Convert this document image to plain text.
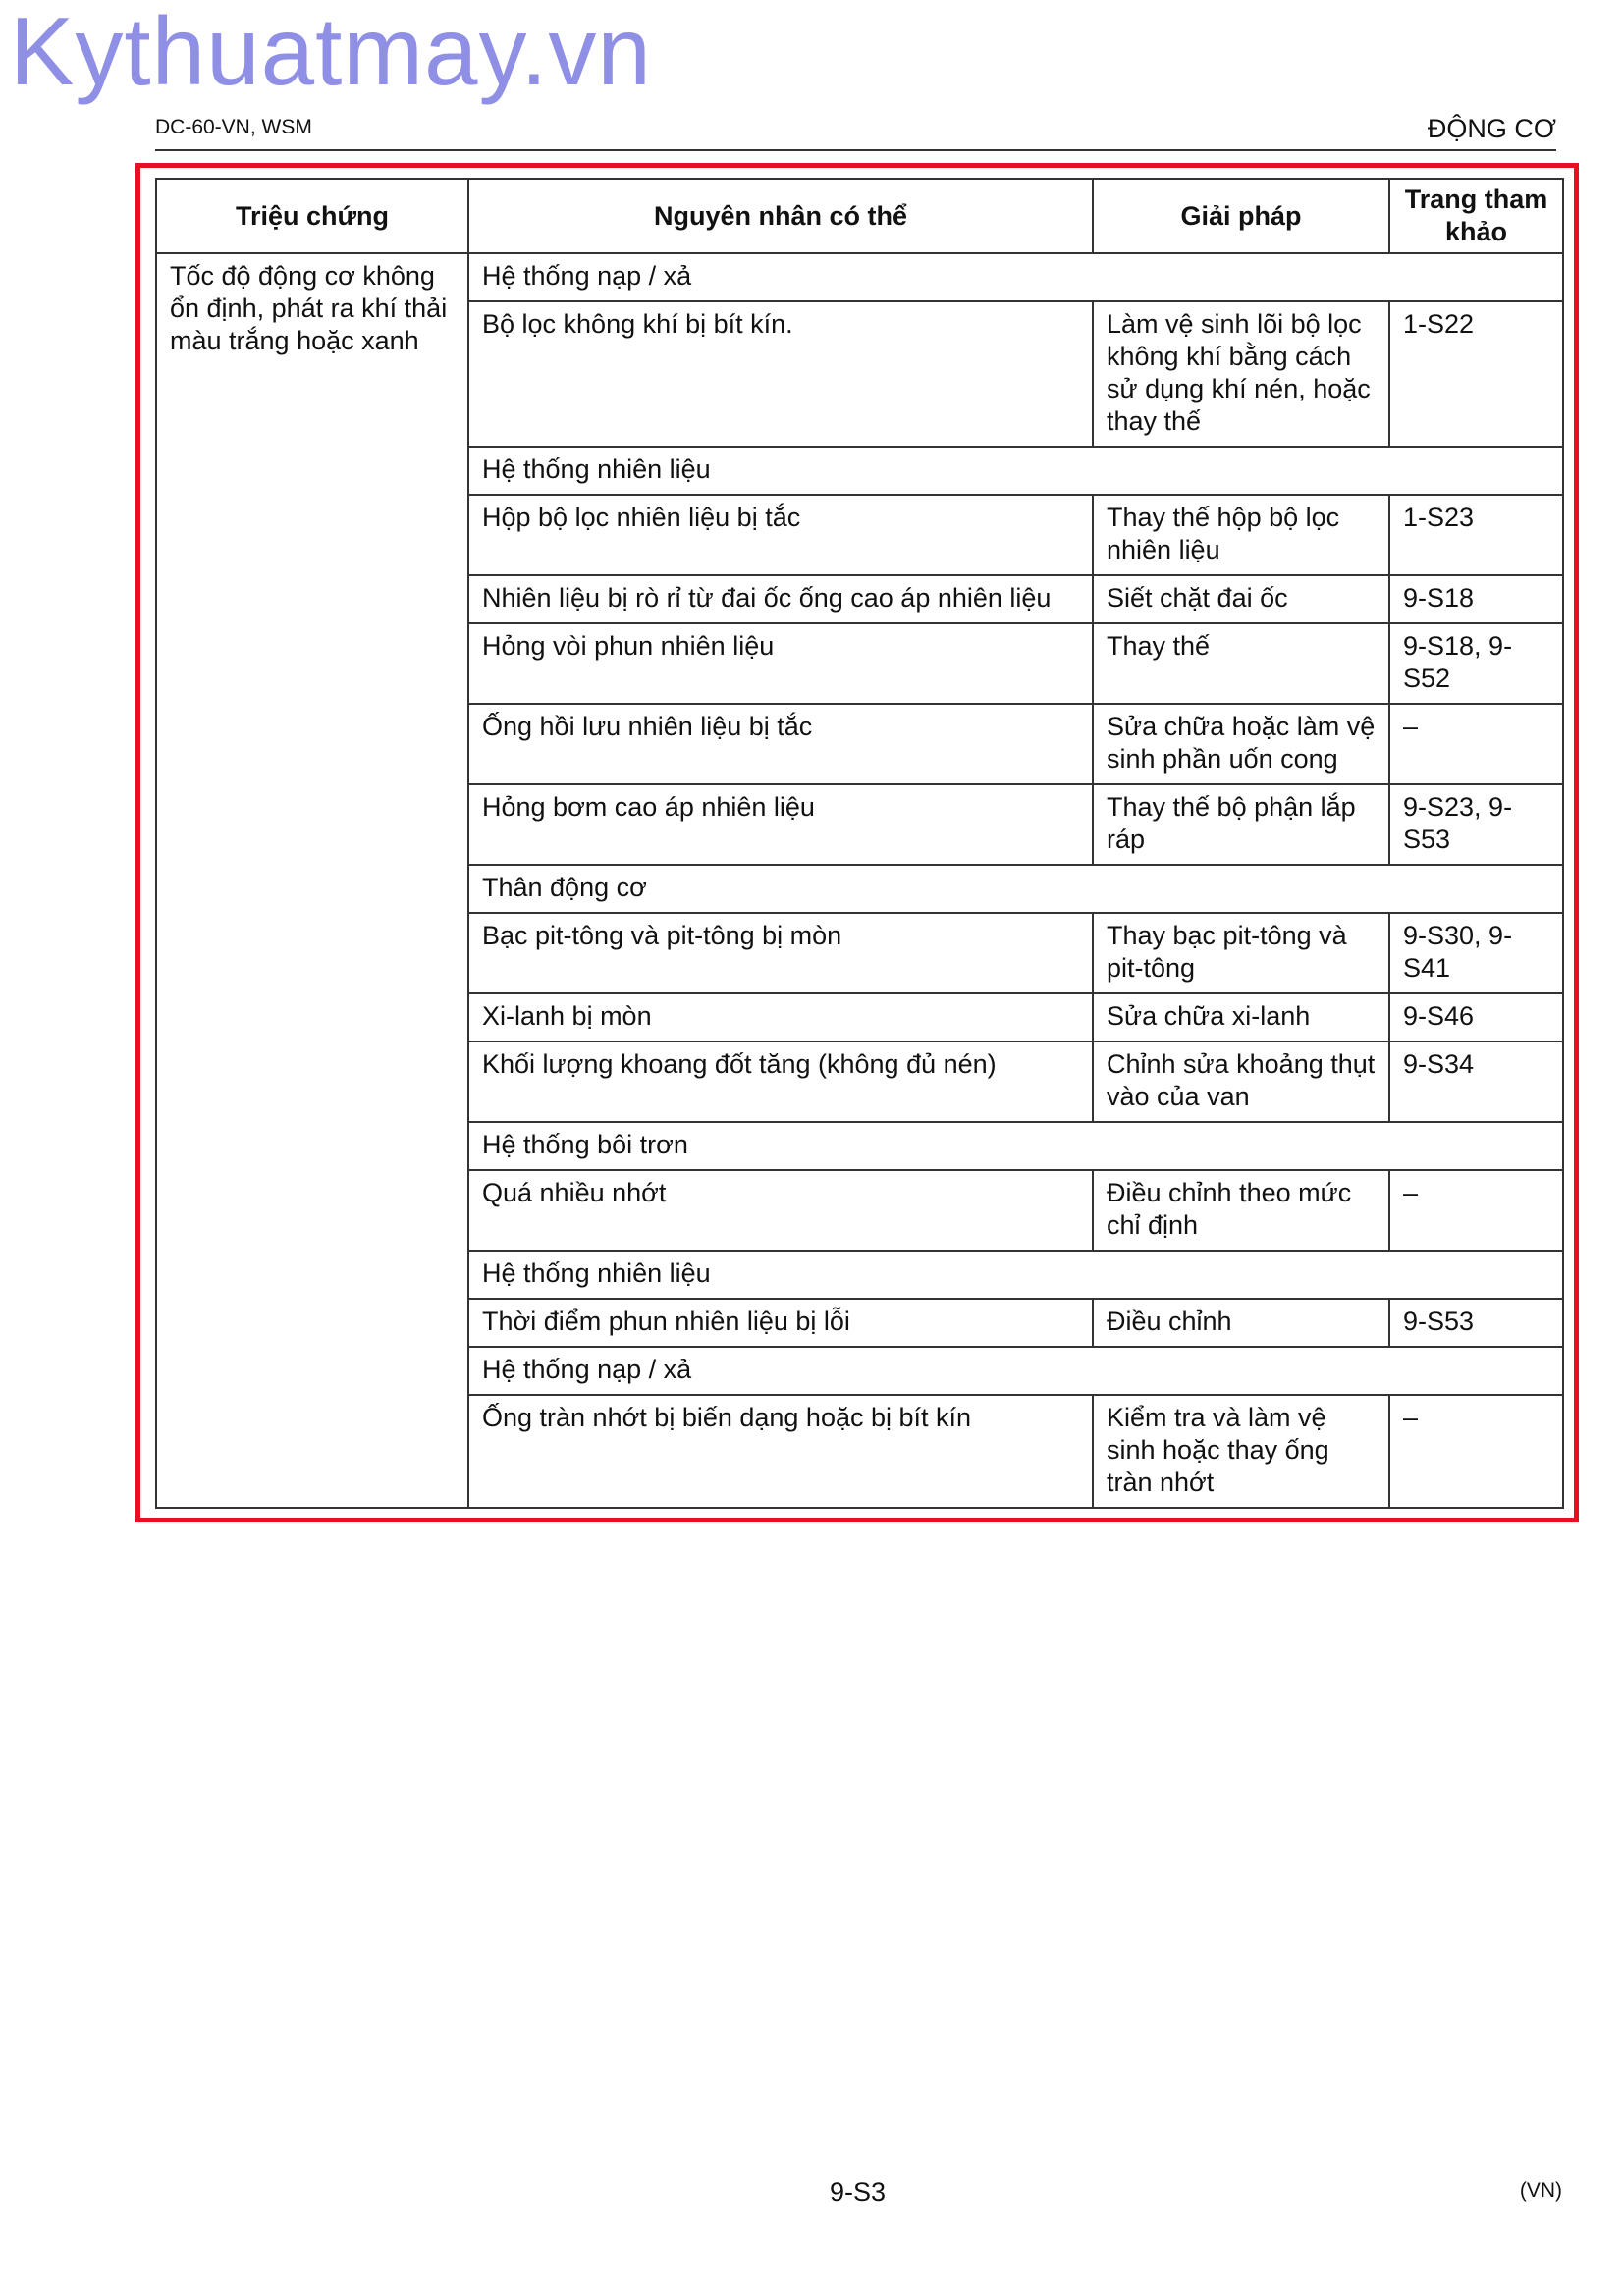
Kythuatmay.vn
DC-60-VN, WSM	ĐỘNG CƠ
Triệu chứng	Nguyên nhân có thể	Giải pháp	Trang tham khảo
Tốc độ động cơ không ổn định, phát ra khí thải màu trắng hoặc xanh	Hệ thống nạp / xả		
	Bộ lọc không khí bị bít kín.	Làm vệ sinh lõi bộ lọc không khí bằng cách sử dụng khí nén, hoặc thay thế	1-S22
	Hệ thống nhiên liệu		
	Hộp bộ lọc nhiên liệu bị tắc	Thay thế hộp bộ lọc nhiên liệu	1-S23
	Nhiên liệu bị rò rỉ từ đai ốc ống cao áp nhiên liệu	Siết chặt đai ốc	9-S18
	Hỏng vòi phun nhiên liệu	Thay thế	9-S18, 9-S52
	Ống hồi lưu nhiên liệu bị tắc	Sửa chữa hoặc làm vệ sinh phần uốn cong	–
	Hỏng bơm cao áp nhiên liệu	Thay thế bộ phận lắp ráp	9-S23, 9-S53
	Thân động cơ		
	Bạc pit-tông và pit-tông bị mòn	Thay bạc pit-tông và pit-tông	9-S30, 9-S41
	Xi-lanh bị mòn	Sửa chữa xi-lanh	9-S46
	Khối lượng khoang đốt tăng (không đủ nén)	Chỉnh sửa khoảng thụt vào của van	9-S34
	Hệ thống bôi trơn		
	Quá nhiều nhớt	Điều chỉnh theo mức chỉ định	–
	Hệ thống nhiên liệu		
	Thời điểm phun nhiên liệu bị lỗi	Điều chỉnh	9-S53
	Hệ thống nạp / xả		
	Ống tràn nhớt bị biến dạng hoặc bị bít kín	Kiểm tra và làm vệ sinh hoặc thay ống tràn nhớt	–
9-S3	(VN)
